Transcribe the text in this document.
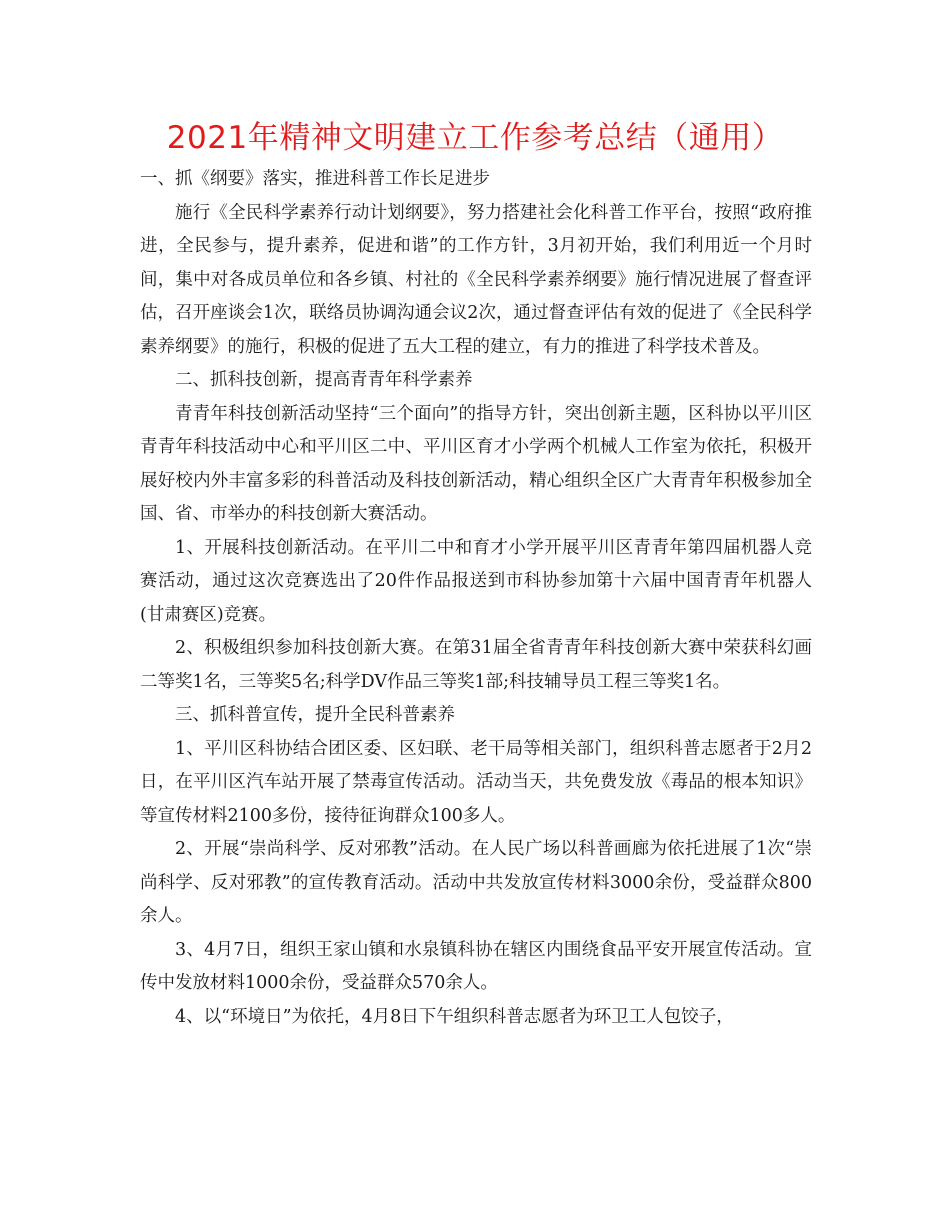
2021年精神文明建立工作参考总结（通用）

一、抓《纲要》落实，推进科普工作长足进步

施行《全民科学素养行动计划纲要》，努力搭建社会化科普工作平台，按照“政府推进，全民参与，提升素养，促进和谐”的工作方针，3月初开始，我们利用近一个月时间，集中对各成员单位和各乡镇、村社的《全民科学素养纲要》施行情况进展了督查评估，召开座谈会1次，联络员协调沟通会议2次，通过督查评估有效的促进了《全民科学素养纲要》的施行，积极的促进了五大工程的建立，有力的推进了科学技术普及。

二、抓科技创新，提高青青年科学素养

青青年科技创新活动坚持“三个面向”的指导方针，突出创新主题，区科协以平川区青青年科技活动中心和平川区二中、平川区育才小学两个机械人工作室为依托，积极开展好校内外丰富多彩的科普活动及科技创新活动，精心组织全区广大青青年积极参加全国、省、市举办的科技创新大赛活动。

1、开展科技创新活动。在平川二中和育才小学开展平川区青青年第四届机器人竞赛活动，通过这次竞赛选出了20件作品报送到市科协参加第十六届中国青青年机器人(甘肃赛区)竞赛。

2、积极组织参加科技创新大赛。在第31届全省青青年科技创新大赛中荣获科幻画二等奖1名，三等奖5名;科学DV作品三等奖1部;科技辅导员工程三等奖1名。

三、抓科普宣传，提升全民科普素养

1、平川区科协结合团区委、区妇联、老干局等相关部门，组织科普志愿者于2月2日，在平川区汽车站开展了禁毒宣传活动。活动当天，共免费发放《毒品的根本知识》等宣传材料2100多份，接待征询群众100多人。

2、开展“崇尚科学、反对邪教”活动。在人民广场以科普画廊为依托进展了1次“崇尚科学、反对邪教”的宣传教育活动。活动中共发放宣传材料3000余份，受益群众800余人。

3、4月7日，组织王家山镇和水泉镇科协在辖区内围绕食品平安开展宣传活动。宣传中发放材料1000余份，受益群众570余人。

4、以“环境日”为依托，4月8日下午组织科普志愿者为环卫工人包饺子，
